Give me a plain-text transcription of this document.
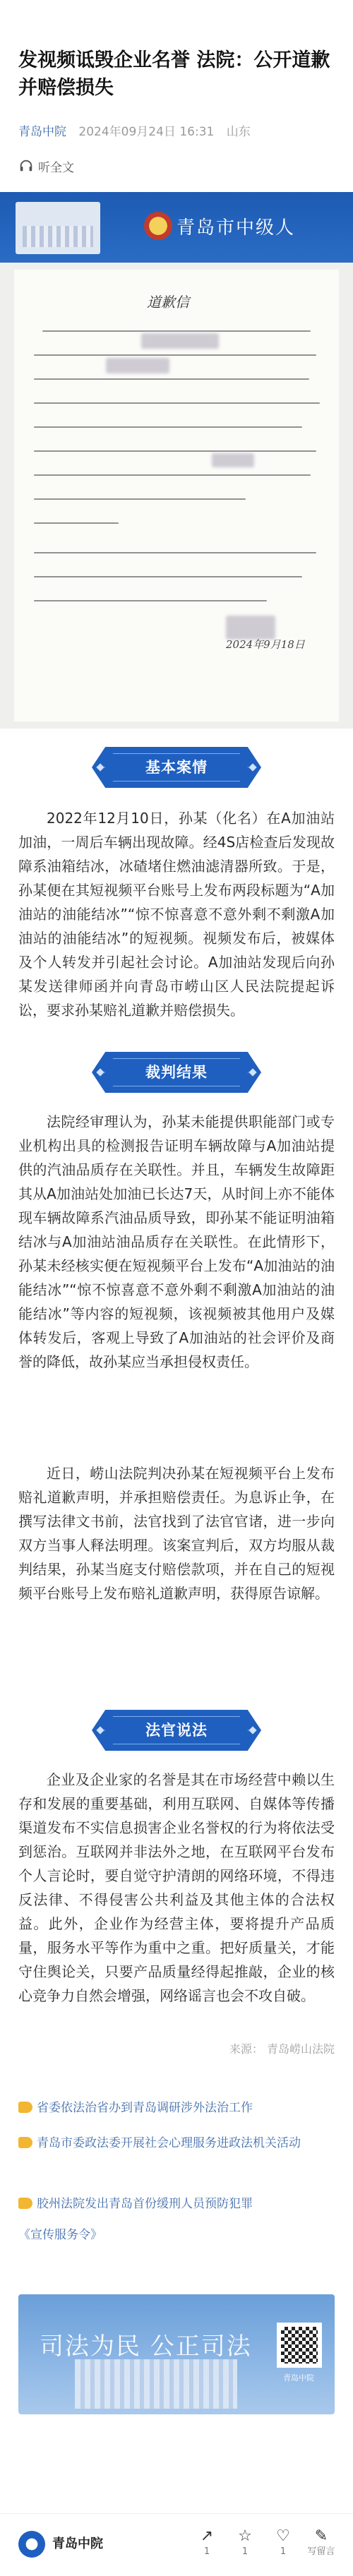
发视频诋毁企业名誉 法院：公开道歉并赔偿损失
青岛中院 2024年09月24日 16:31 山东
听全文
青岛市中级人
道歉信
2024年9月18日
基本案情

2022年12月10日，孙某（化名）在A加油站加油，一周后车辆出现故障。经4S店检查后发现故障系油箱结冰，冰碴堵住燃油滤清器所致。于是，孙某便在其短视频平台账号上发布两段标题为“A加油站的油能结冰”“惊不惊喜意不意外剩不剩激A加油站的油能结冰”的短视频。视频发布后，被媒体及个人转发并引起社会讨论。A加油站发现后向孙某发送律师函并向青岛市崂山区人民法院提起诉讼，要求孙某赔礼道歉并赔偿损失。

裁判结果

法院经审理认为，孙某未能提供职能部门或专业机构出具的检测报告证明车辆故障与A加油站提供的汽油品质存在关联性。并且，车辆发生故障距其从A加油站处加油已长达7天，从时间上亦不能体现车辆故障系汽油品质导致，即孙某不能证明油箱结冰与A加油站油品质存在关联性。在此情形下，孙某未经核实便在短视频平台上发布“A加油站的油能结冰”“惊不惊喜意不意外剩不剩激A加油站的油能结冰”等内容的短视频，该视频被其他用户及媒体转发后，客观上导致了A加油站的社会评价及商誉的降低，故孙某应当承担侵权责任。

近日，崂山法院判决孙某在短视频平台上发布赔礼道歉声明，并承担赔偿责任。为息诉止争，在撰写法律文书前，法官找到了法官官诸，进一步向双方当事人释法明理。该案宣判后，双方均服从裁判结果，孙某当庭支付赔偿款项，并在自己的短视频平台账号上发布赔礼道歉声明，获得原告谅解。

法官说法

企业及企业家的名誉是其在市场经营中赖以生存和发展的重要基础，利用互联网、自媒体等传播渠道发布不实信息损害企业名誉权的行为将依法受到惩治。互联网并非法外之地，在互联网平台发布个人言论时，要自觉守护清朗的网络环境，不得违反法律、不得侵害公共利益及其他主体的合法权益。此外，企业作为经营主体，要将提升产品质量，服务水平等作为重中之重。把好质量关，才能守住舆论关，只要产品质量经得起推敲，企业的核心竞争力自然会增强，网络谣言也会不攻自破。

来源： 青岛崂山法院
省委依法治省办到青岛调研涉外法治工作
青岛市委政法委开展社会心理服务进政法机关活动
胶州法院发出青岛首份缓刑人员预防犯罪
《宣传服务令》
司法为民 公正司法
青岛中院
青岛中院	↗
1
☆
1
♡
1
✎
写留言
